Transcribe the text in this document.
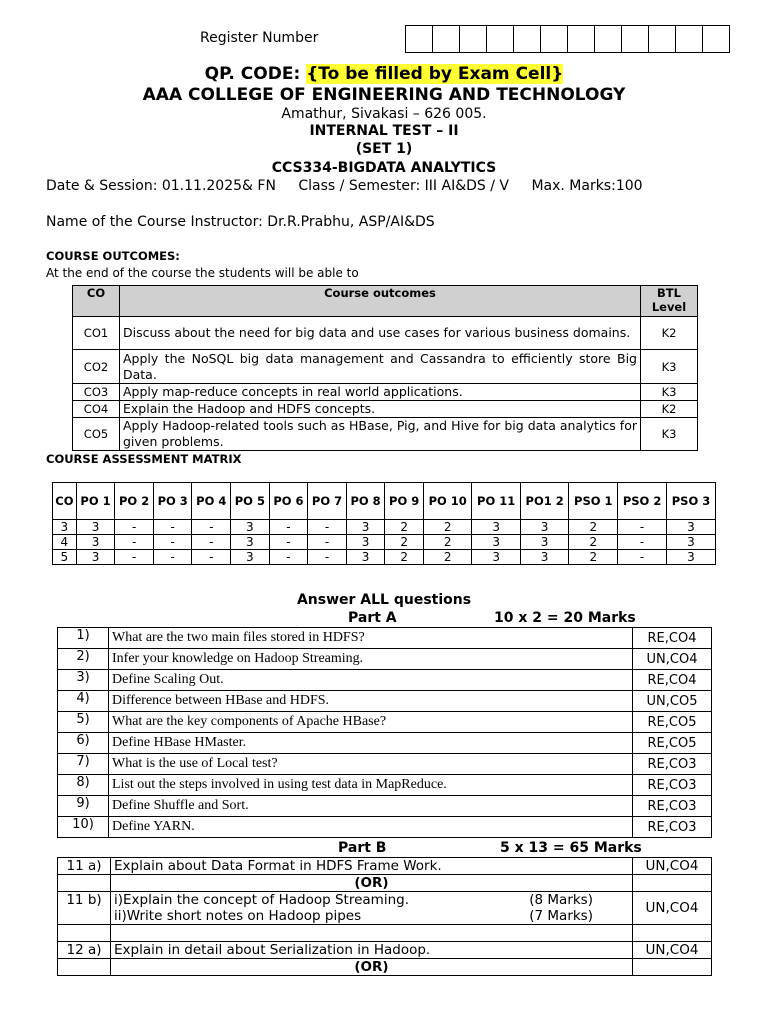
Register Number
QP. CODE: {To be filled by Exam Cell}
AAA COLLEGE OF ENGINEERING AND TECHNOLOGY
Amathur, Sivakasi – 626 005.
INTERNAL TEST – II
(SET 1)
CCS334-BIGDATA ANALYTICS
Date & Session: 01.11.2025& FN Class / Semester: III AI&DS / V Max. Marks:100
Name of the Course Instructor: Dr.R.Prabhu, ASP/AI&DS
COURSE OUTCOMES:
At the end of the course the students will be able to
CO	Course outcomes	BTL Level
CO1	Discuss about the need for big data and use cases for various business domains.	K2
CO2	Apply the NoSQL big data management and Cassandra to efficiently store Big Data.	K3
CO3	Apply map-reduce concepts in real world applications.	K3
CO4	Explain the Hadoop and HDFS concepts.	K2
CO5	Apply Hadoop-related tools such as HBase, Pig, and Hive for big data analytics for given problems.	K3
COURSE ASSESSMENT MATRIX
CO	PO 1	PO 2	PO 3	PO 4	PO 5	PO 6	PO 7	PO 8	PO 9	PO 10	PO 11	PO1 2	PSO 1	PSO 2	PSO 3
3	3	-	-	-	3	-	-	3	2	2	3	3	2	-	3
4	3	-	-	-	3	-	-	3	2	2	3	3	2	-	3
5	3	-	-	-	3	-	-	3	2	2	3	3	2	-	3
Answer ALL questions
Part A	10 x 2 = 20 Marks
1)	What are the two main files stored in HDFS?	RE,CO4
2)	Infer your knowledge on Hadoop Streaming.	UN,CO4
3)	Define Scaling Out.	RE,CO4
4)	Difference between HBase and HDFS.	UN,CO5
5)	What are the key components of Apache HBase?	RE,CO5
6)	Define HBase HMaster.	RE,CO5
7)	What is the use of Local test?	RE,CO3
8)	List out the steps involved in using test data in MapReduce.	RE,CO3
9)	Define Shuffle and Sort.	RE,CO3
10)	Define YARN.	RE,CO3
Part B	5 x 13 = 65 Marks
11 a)	Explain about Data Format in HDFS Frame Work.	UN,CO4
	(OR)	
11 b)	i)Explain the concept of Hadoop Streaming. (8 Marks)
ii)Write short notes on Hadoop pipes (7 Marks)	UN,CO4

12 a)	Explain in detail about Serialization in Hadoop.	UN,CO4
	(OR)	
